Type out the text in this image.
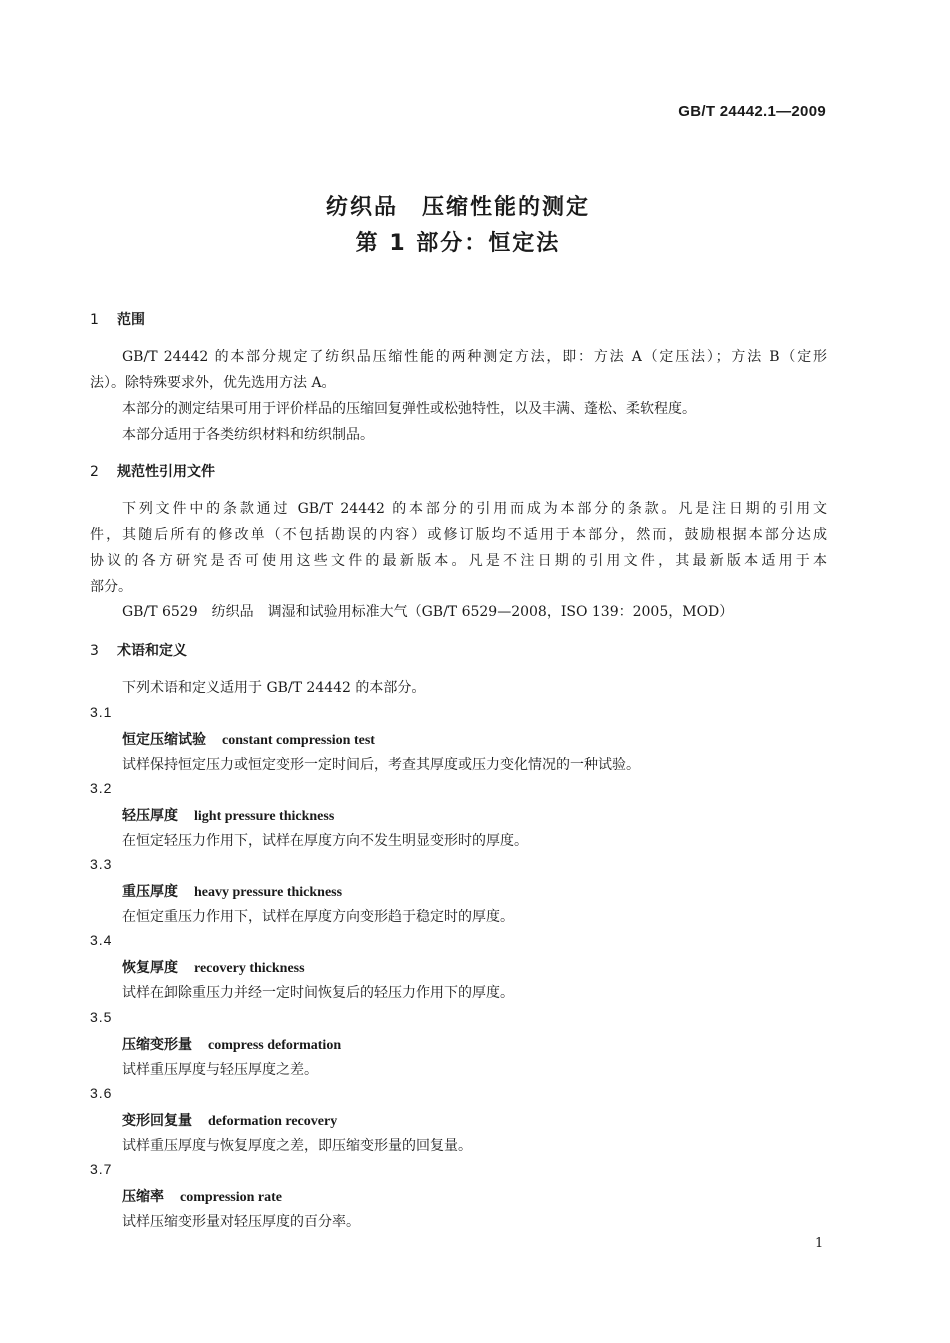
GB/T 24442.1—2009
纺织品　压缩性能的测定
第 1 部分：恒定法
1 范围
GB/T 24442 的本部分规定了纺织品压缩性能的两种测定方法，即：方法 A（定压法）；方法 B（定形
法）。除特殊要求外，优先选用方法 A。
本部分的测定结果可用于评价样品的压缩回复弹性或松弛特性，以及丰满、蓬松、柔软程度。
本部分适用于各类纺织材料和纺织制品。
2 规范性引用文件
下列文件中的条款通过 GB/T 24442 的本部分的引用而成为本部分的条款。凡是注日期的引用文
件，其随后所有的修改单（不包括勘误的内容）或修订版均不适用于本部分，然而，鼓励根据本部分达成
协议的各方研究是否可使用这些文件的最新版本。凡是不注日期的引用文件，其最新版本适用于本
部分。
GB/T 6529　纺织品　调湿和试验用标准大气（GB/T 6529—2008，ISO 139：2005，MOD）
3 术语和定义
下列术语和定义适用于 GB/T 24442 的本部分。
3.1
恒定压缩试验 constant compression test
试样保持恒定压力或恒定变形一定时间后，考查其厚度或压力变化情况的一种试验。
3.2
轻压厚度 light pressure thickness
在恒定轻压力作用下，试样在厚度方向不发生明显变形时的厚度。
3.3
重压厚度 heavy pressure thickness
在恒定重压力作用下，试样在厚度方向变形趋于稳定时的厚度。
3.4
恢复厚度 recovery thickness
试样在卸除重压力并经一定时间恢复后的轻压力作用下的厚度。
3.5
压缩变形量 compress deformation
试样重压厚度与轻压厚度之差。
3.6
变形回复量 deformation recovery
试样重压厚度与恢复厚度之差，即压缩变形量的回复量。
3.7
压缩率 compression rate
试样压缩变形量对轻压厚度的百分率。
1
